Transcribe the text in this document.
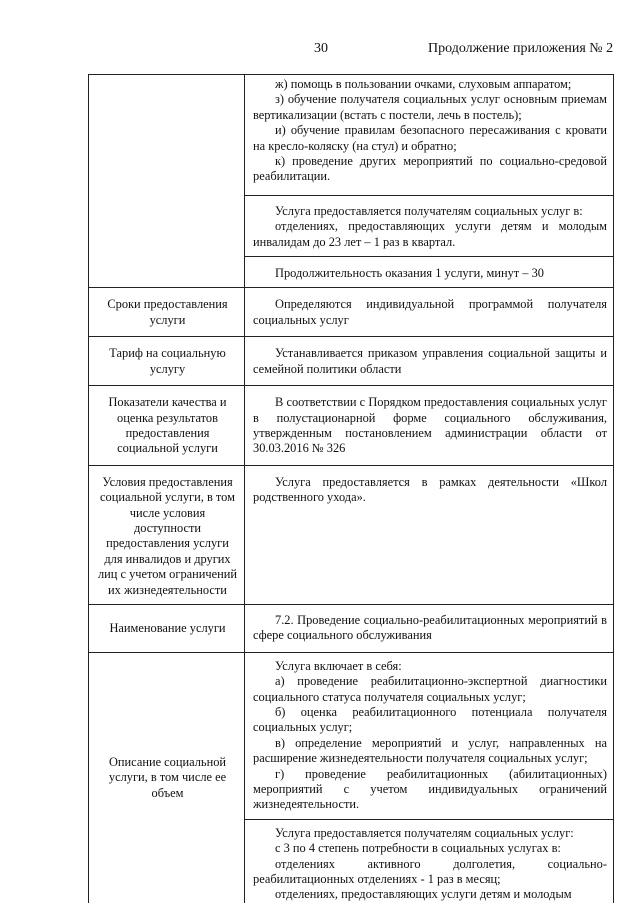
30	Продолжение приложения № 2

	ж) помощь в пользовании очками, слуховым аппаратом;

з) обучение получателя социальных услуг основным приемам вертикализации (встать с постели, лечь в постель);

и) обучение правилам безопасного пересаживания с кровати на кресло-коляску (на стул) и обратно;

к) проведение других мероприятий по социально-средовой реабилитации.

	Услуга предоставляется получателям социальных услуг в:

отделениях, предоставляющих услуги детям и молодым инвалидам до 23 лет – 1 раз в квартал.

	Продолжительность оказания 1 услуги, минут – 30

Сроки предоставления услуги	Определяются индивидуальной программой получателя социальных услуг

Тариф на социальную услугу	Устанавливается приказом управления социальной защиты и семейной политики области

Показатели качества и оценка результатов предоставления социальной услуги	В соответствии с Порядком предоставления социальных услуг в полустационарной форме социального обслуживания, утвержденным постановлением администрации области от 30.03.2016 № 326

Условия предоставления социальной услуги, в том числе условия доступности предоставления услуги для инвалидов и других лиц с учетом ограничений их жизнедеятельности	Услуга предоставляется в рамках деятельности «Школ родственного ухода».

Наименование услуги	7.2. Проведение социально-реабилитационных мероприятий в сфере социального обслуживания

Описание социальной услуги, в том числе ее объем	Услуга включает в себя:

а) проведение реабилитационно-экспертной диагностики социального статуса получателя социальных услуг;

б) оценка реабилитационного потенциала получателя социальных услуг;

в) определение мероприятий и услуг, направленных на расширение жизнедеятельности получателя социальных услуг;

г) проведение реабилитационных (абилитационных) мероприятий с учетом индивидуальных ограничений жизнедеятельности.

	Услуга предоставляется получателям социальных услуг:

с 3 по 4 степень потребности в социальных услугах в:

отделениях активного долголетия, социально-реабилитационных отделениях - 1 раз в месяц;

отделениях, предоставляющих услуги детям и молодым
